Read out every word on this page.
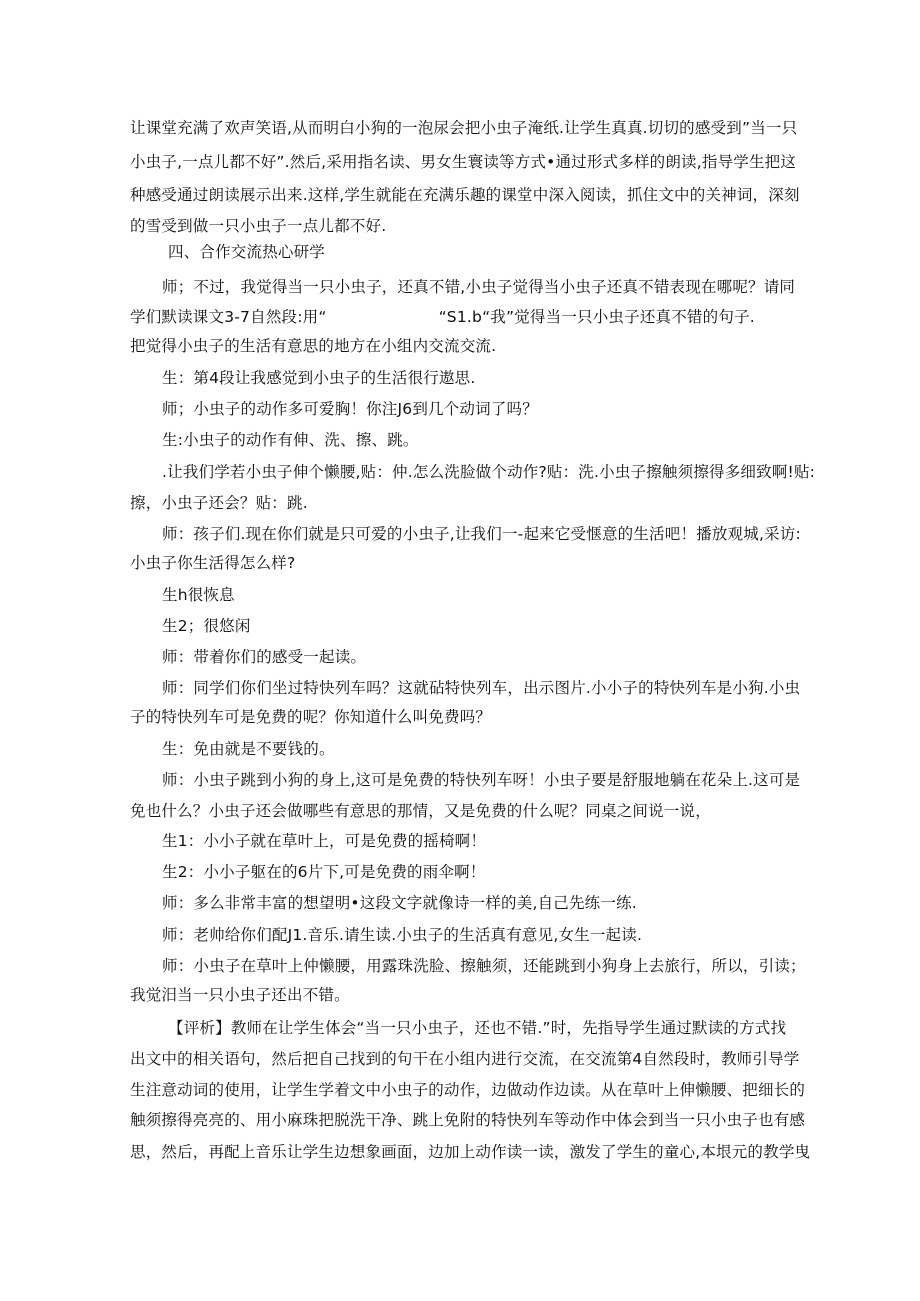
让课堂充满了欢声笑语,从而明白小狗的一泡尿会把小虫子淹纸.让学生真真.切切的感受到”当一只

小虫子,一点儿都不好”.然后,采用指名读、男女生寰读等方式•通过形式多样的朗读,指导学生把这

种感受通过朗读展示出来.这样,学生就能在充满乐趣的课堂中深入阅读，抓住文中的关神词，深刻

的雪受到做一只小虫子一点儿都不好.

四、合作交流热心研学

师；不过，我觉得当一只小虫子，还真不错,小虫子觉得当小虫子还真不错表现在哪呢？请同

学们默读课文3-7自然段:用“	“S1.b“我”觉得当一只小虫子还真不错的句子.

把觉得小虫子的生活有意思的地方在小组内交流交流.

生：第4段让我感觉到小虫子的生活很行遨思.

师；小虫子的动作多可爱胸！你注J6到几个动词了吗？

生:小虫子的动作有伸、洗、擦、跳。

.让我们学若小虫子伸个懒腰,贴：仲.怎么洗脸做个动作?贴：洗.小虫子擦触须擦得多细致啊!贴:

擦，小虫子还会？贴：跳.

师：孩子们.现在你们就是只可爱的小虫子,让我们一-起来它受惬意的生活吧！播放观城,采访:

小虫子你生活得怎么样?

生h很恢息

生2；很悠闲

师：带着你们的感受一起读。

师：同学们你们坐过特快列车吗？这就砧特快列车，出示图片.小小子的特快列车是小狗.小虫

子的特快列车可是免费的呢？你知道什么叫免费吗？

生：免由就是不要钱的。

师：小虫子跳到小狗的身上,这可是免费的特快列车呀！小虫子要是舒服地躺在花朵上.这可是

免也什么？小虫子还会做哪些有意思的那情，又是免费的什么呢？同桌之间说一说，

生1：小小子就在草叶上，可是免费的摇椅啊！

生2：小小子躯在的6片下,可是免费的雨伞啊！

师：多么非常丰富的想望明•这段文字就像诗一样的美,自己先练一练.

师：老帅给你们配J1.音乐.请生读.小虫子的生活真有意见,女生一起读.

师：小虫子在草叶上仲懒腰，用露珠洗脸、擦触须，还能跳到小狗身上去旅行，所以，引读；

我觉汨当一只小虫子还出不错。

【评析】教师在让学生体会“当一只小虫子，还也不错.”时，先指导学生通过默读的方式找

出文中的相关语句，然后把自己找到的句干在小组内进行交流，在交流第4自然段时，教师引导学

生注意动词的使用，让学生学着文中小虫子的动作，边做动作边读。从在草叶上伸懒腰、把细长的

触须擦得亮亮的、用小麻珠把脱洗干净、跳上免附的特快列车等动作中体会到当一只小虫子也有感

思，然后，再配上音乐让学生边想象画面，边加上动作读一读，激发了学生的童心,本垠元的教学曳
